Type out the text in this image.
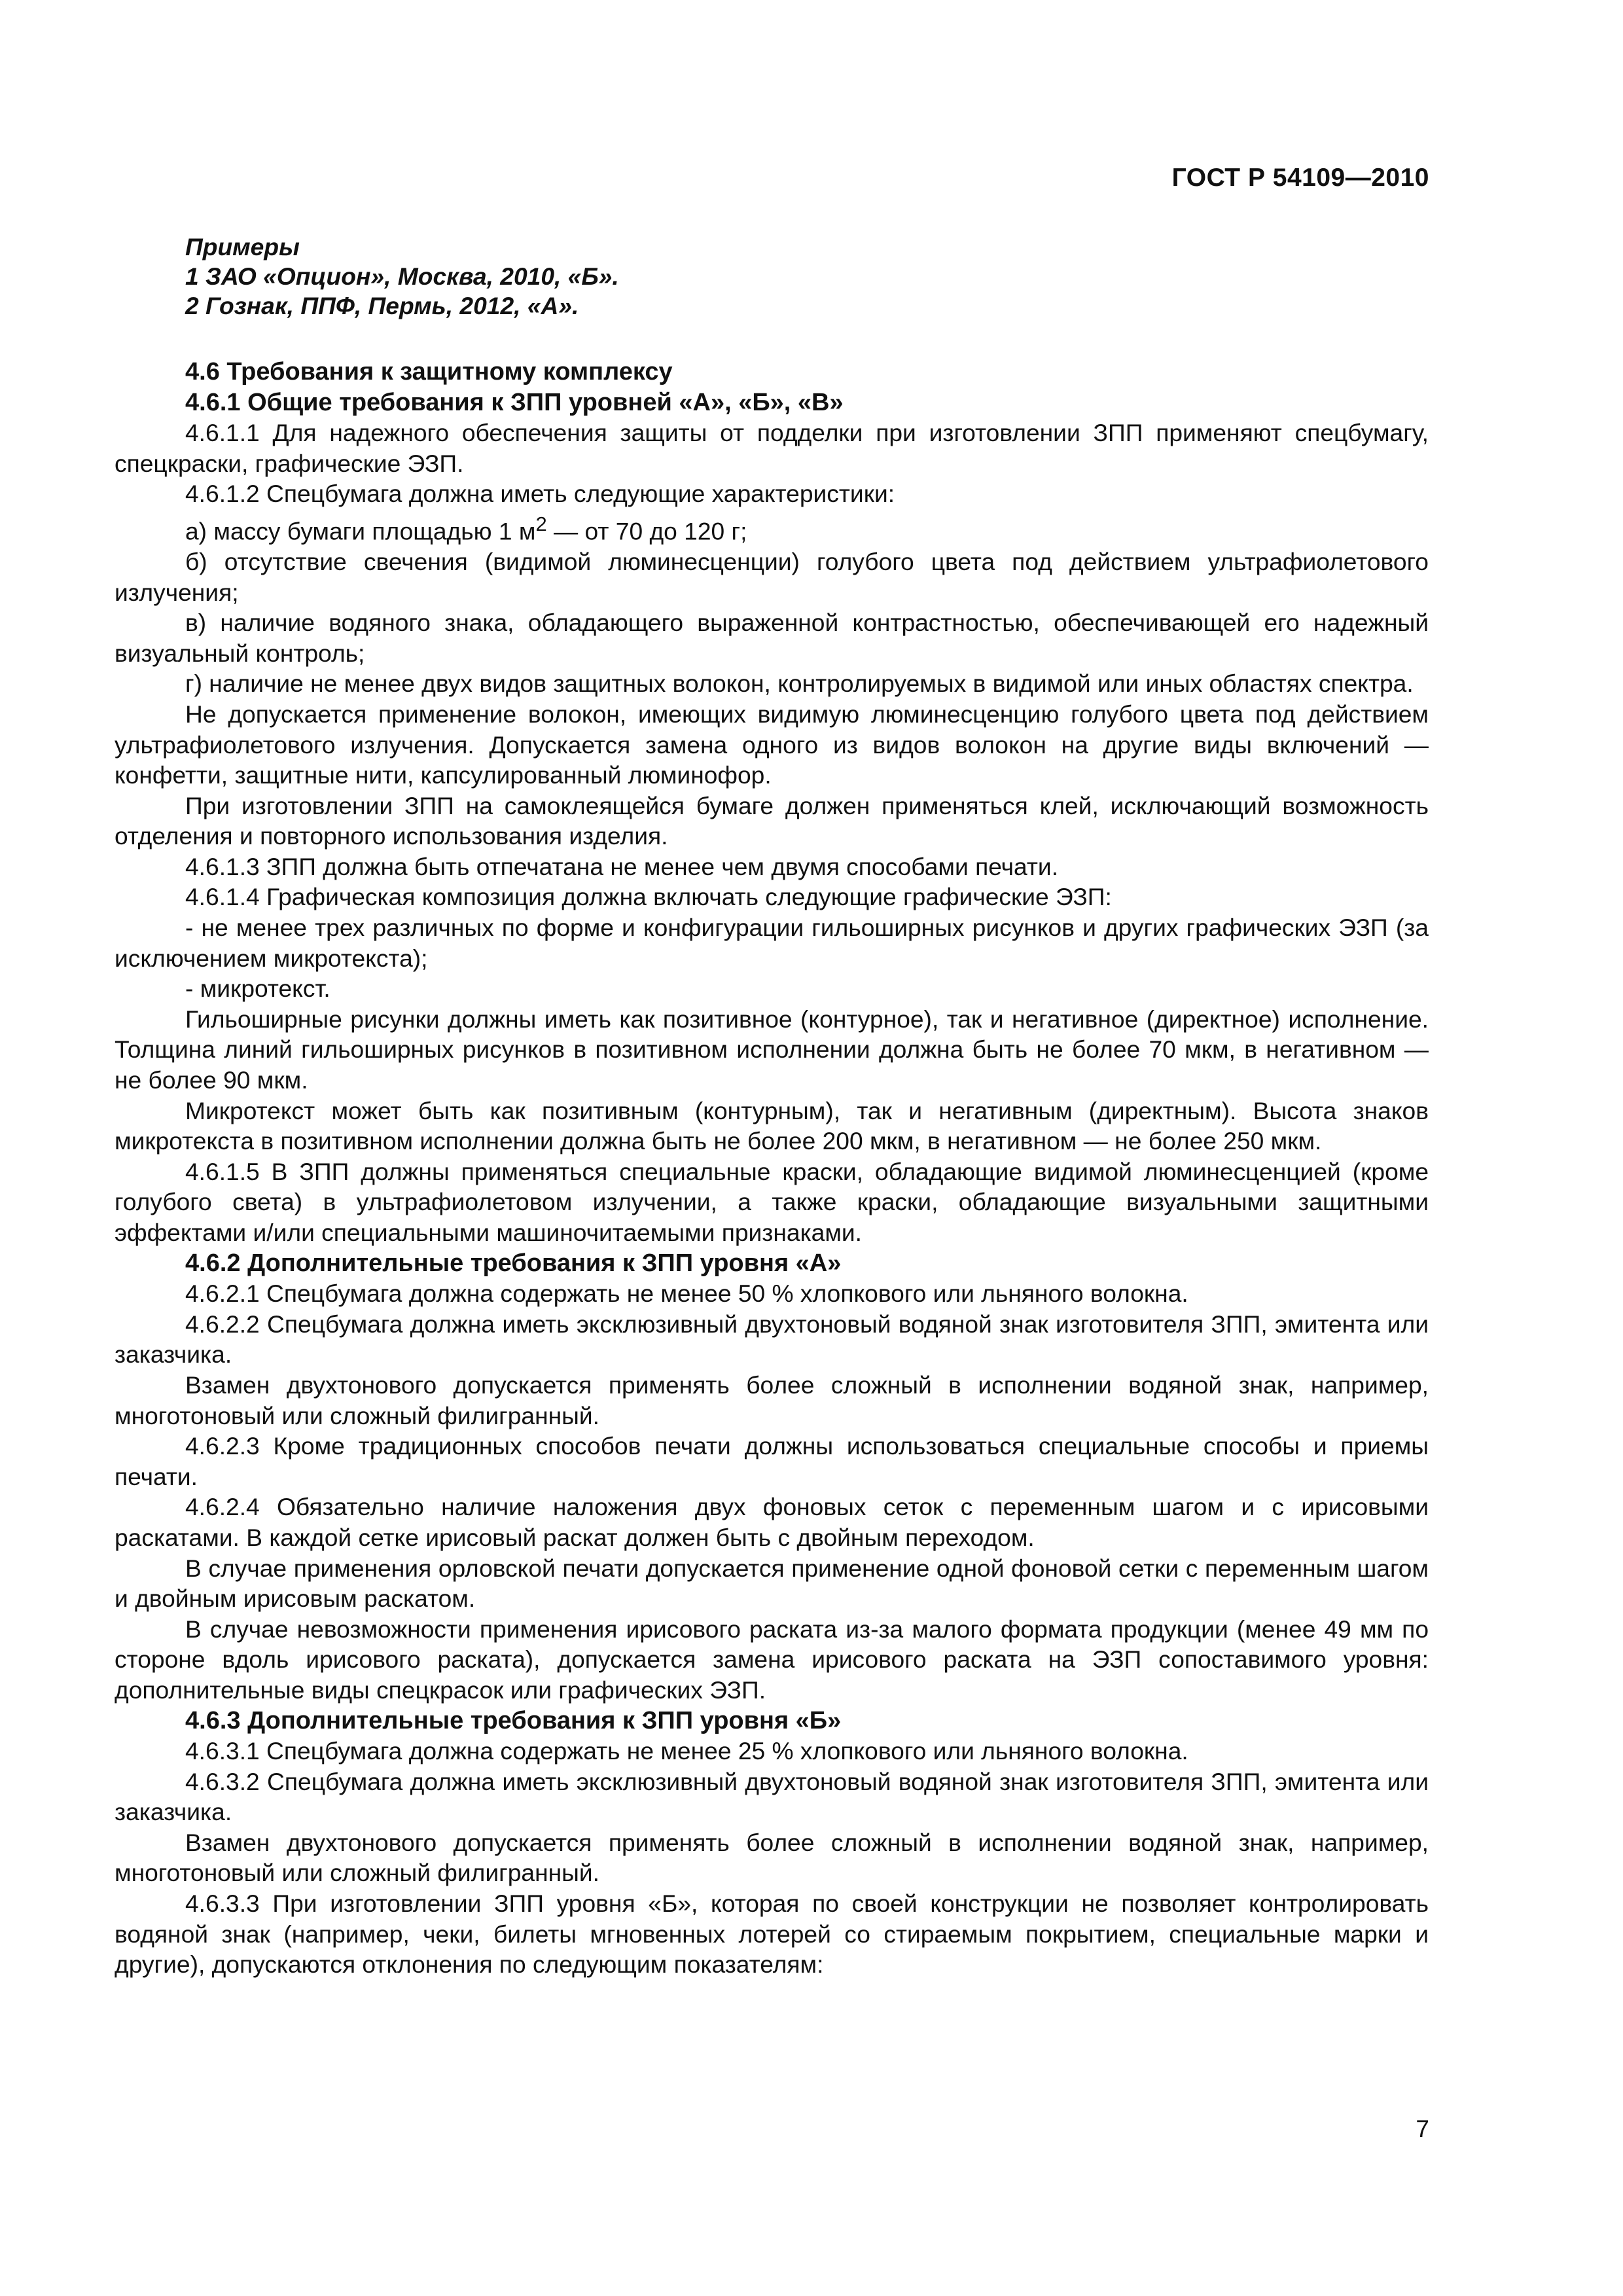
ГОСТ Р 54109—2010
Примеры
1 ЗАО «Опцион», Москва, 2010, «Б».
2 Гознак, ППФ, Пермь, 2012, «А».
4.6 Требования к защитному комплексу
4.6.1 Общие требования к ЗПП уровней «А», «Б», «В»

4.6.1.1 Для надежного обеспечения защиты от подделки при изготовлении ЗПП применяют спецбумагу, спецкраски, графические ЭЗП.

4.6.1.2 Спецбумага должна иметь следующие характеристики:

а) массу бумаги площадью 1 $м^2$ — от 70 до 120 г;

б) отсутствие свечения (видимой люминесценции) голубого цвета под действием ультрафиолетового излучения;

в) наличие водяного знака, обладающего выраженной контрастностью, обеспечивающей его надежный визуальный контроль;

г) наличие не менее двух видов защитных волокон, контролируемых в видимой или иных областях спектра.

Не допускается применение волокон, имеющих видимую люминесценцию голубого цвета под действием ультрафиолетового излучения. Допускается замена одного из видов волокон на другие виды включений — конфетти, защитные нити, капсулированный люминофор.

При изготовлении ЗПП на самоклеящейся бумаге должен применяться клей, исключающий возможность отделения и повторного использования изделия.

4.6.1.3 ЗПП должна быть отпечатана не менее чем двумя способами печати.

4.6.1.4 Графическая композиция должна включать следующие графические ЭЗП:

- не менее трех различных по форме и конфигурации гильоширных рисунков и других графических ЭЗП (за исключением микротекста);

- микротекст.

Гильоширные рисунки должны иметь как позитивное (контурное), так и негативное (директное) исполнение. Толщина линий гильоширных рисунков в позитивном исполнении должна быть не более 70 мкм, в негативном — не более 90 мкм.

Микротекст может быть как позитивным (контурным), так и негативным (директным). Высота знаков микротекста в позитивном исполнении должна быть не более 200 мкм, в негативном — не более 250 мкм.

4.6.1.5 В ЗПП должны применяться специальные краски, обладающие видимой люминесценцией (кроме голубого света) в ультрафиолетовом излучении, а также краски, обладающие визуальными защитными эффектами и/или специальными машиночитаемыми признаками.

4.6.2 Дополнительные требования к ЗПП уровня «А»

4.6.2.1 Спецбумага должна содержать не менее 50 % хлопкового или льняного волокна.

4.6.2.2 Спецбумага должна иметь эксклюзивный двухтоновый водяной знак изготовителя ЗПП, эмитента или заказчика.

Взамен двухтонового допускается применять более сложный в исполнении водяной знак, например, многотоновый или сложный филигранный.

4.6.2.3 Кроме традиционных способов печати должны использоваться специальные способы и приемы печати.

4.6.2.4 Обязательно наличие наложения двух фоновых сеток с переменным шагом и с ирисовыми раскатами. В каждой сетке ирисовый раскат должен быть с двойным переходом.

В случае применения орловской печати допускается применение одной фоновой сетки с переменным шагом и двойным ирисовым раскатом.

В случае невозможности применения ирисового раската из-за малого формата продукции (менее 49 мм по стороне вдоль ирисового раската), допускается замена ирисового раската на ЭЗП сопоставимого уровня: дополнительные виды спецкрасок или графических ЭЗП.

4.6.3 Дополнительные требования к ЗПП уровня «Б»

4.6.3.1 Спецбумага должна содержать не менее 25 % хлопкового или льняного волокна.

4.6.3.2 Спецбумага должна иметь эксклюзивный двухтоновый водяной знак изготовителя ЗПП, эмитента или заказчика.

Взамен двухтонового допускается применять более сложный в исполнении водяной знак, например, многотоновый или сложный филигранный.

4.6.3.3 При изготовлении ЗПП уровня «Б», которая по своей конструкции не позволяет контролировать водяной знак (например, чеки, билеты мгновенных лотерей со стираемым покрытием, специальные марки и другие), допускаются отклонения по следующим показателям:

7
